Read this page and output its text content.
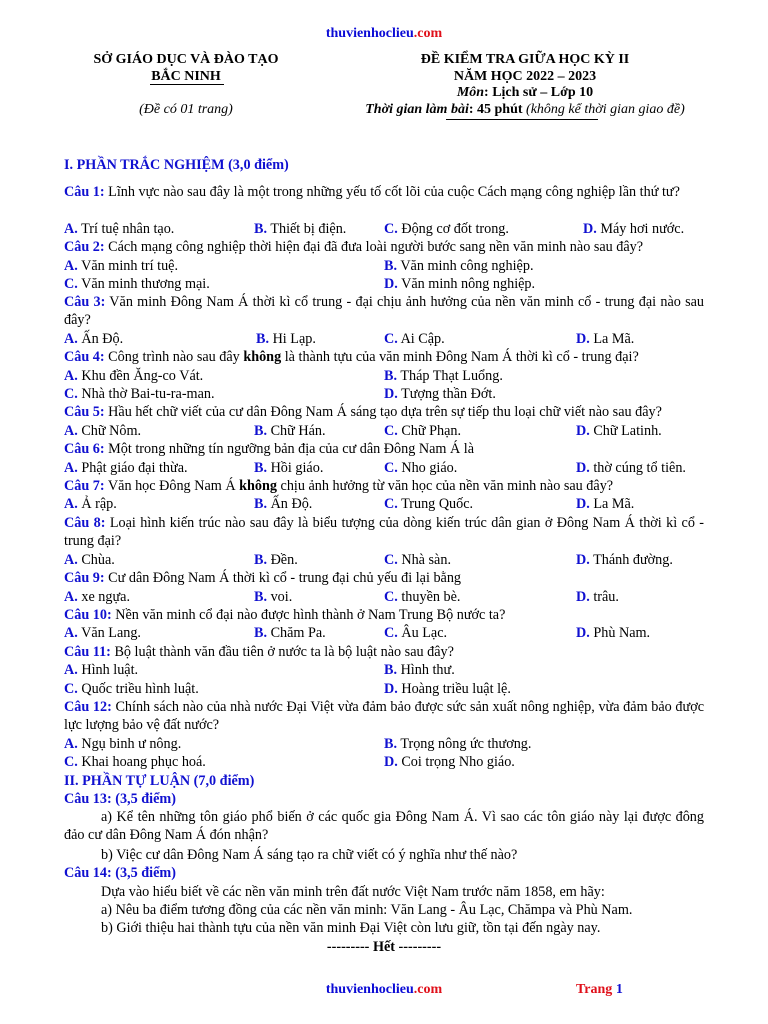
thuvienhoclieu.com
SỞ GIÁO DỤC VÀ ĐÀO TẠO
BẮC NINH
(Đề có 01 trang)
ĐỀ KIỂM TRA GIỮA HỌC KỲ II
NĂM HỌC 2022 – 2023
Môn: Lịch sử – Lớp 10
Thời gian làm bài: 45 phút (không kể thời gian giao đề)
I. PHẦN TRẮC NGHIỆM (3,0 điểm)
Câu 1: Lĩnh vực nào sau đây là một trong những yếu tố cốt lõi của cuộc Cách mạng công nghiệp lần thứ tư?
A. Trí tuệ nhân tạo.	B. Thiết bị điện.	C. Động cơ đốt trong.	D. Máy hơi nước.
Câu 2: Cách mạng công nghiệp thời hiện đại đã đưa loài người bước sang nền văn minh nào sau đây?
A. Văn minh trí tuệ.	B. Văn minh công nghiệp.
C. Văn minh thương mại.	D. Văn minh nông nghiệp.
Câu 3: Văn minh Đông Nam Á thời kì cổ trung - đại chịu ảnh hưởng của nền văn minh cổ - trung đại nào sau đây?
A. Ấn Độ.	B. Hi Lạp.	C. Ai Cập.	D. La Mã.
Câu 4: Công trình nào sau đây không là thành tựu của văn minh Đông Nam Á thời kì cổ - trung đại?
A. Khu đền Ăng-co Vát.	B. Tháp Thạt Luổng.
C. Nhà thờ Bai-tu-ra-man.	D. Tượng thần Đớt.
Câu 5: Hầu hết chữ viết của cư dân Đông Nam Á sáng tạo dựa trên sự tiếp thu loại chữ viết nào sau đây?
A. Chữ Nôm.	B. Chữ Hán.	C. Chữ Phạn.	D. Chữ Latinh.
Câu 6: Một trong những tín ngưỡng bản địa của cư dân Đông Nam Á là
A. Phật giáo đại thừa.	B. Hồi giáo.	C. Nho giáo.	D. thờ cúng tổ tiên.
Câu 7: Văn học Đông Nam Á không chịu ảnh hưởng từ văn học của nền văn minh nào sau đây?
A. Ả rập.	B. Ấn Độ.	C. Trung Quốc.	D. La Mã.
Câu 8: Loại hình kiến trúc nào sau đây là biểu tượng của dòng kiến trúc dân gian ở Đông Nam Á thời kì cổ - trung đại?
A. Chùa.	B. Đền.	C. Nhà sàn.	D. Thánh đường.
Câu 9: Cư dân Đông Nam Á thời kì cổ - trung đại chủ yếu đi lại bằng
A. xe ngựa.	B. voi.	C. thuyền bè.	D. trâu.
Câu 10: Nền văn minh cổ đại nào được hình thành ở Nam Trung Bộ nước ta?
A. Văn Lang.	B. Chăm Pa.	C. Âu Lạc.	D. Phù Nam.
Câu 11: Bộ luật thành văn đầu tiên ở nước ta là bộ luật nào sau đây?
A. Hình luật.	B. Hình thư.
C. Quốc triều hình luật.	D. Hoàng triều luật lệ.
Câu 12: Chính sách nào của nhà nước Đại Việt vừa đảm bảo được sức sản xuất nông nghiệp, vừa đảm bảo được lực lượng bảo vệ đất nước?
A. Ngụ binh ư nông.	B. Trọng nông ức thương.
C. Khai hoang phục hoá.	D. Coi trọng Nho giáo.
II. PHẦN TỰ LUẬN (7,0 điểm)
Câu 13: (3,5 điểm)
a) Kể tên những tôn giáo phổ biến ở các quốc gia Đông Nam Á. Vì sao các tôn giáo này lại được đông đảo cư dân Đông Nam Á đón nhận?
b) Việc cư dân Đông Nam Á sáng tạo ra chữ viết có ý nghĩa như thế nào?
Câu 14: (3,5 điểm)
Dựa vào hiểu biết về các nền văn minh trên đất nước Việt Nam trước năm 1858, em hãy:
a) Nêu ba điểm tương đồng của các nền văn minh: Văn Lang - Âu Lạc, Chămpa và Phù Nam.
b) Giới thiệu hai thành tựu của nền văn minh Đại Việt còn lưu giữ, tồn tại đến ngày nay.
--------- Hết ---------
thuvienhoclieu.com	Trang 1
